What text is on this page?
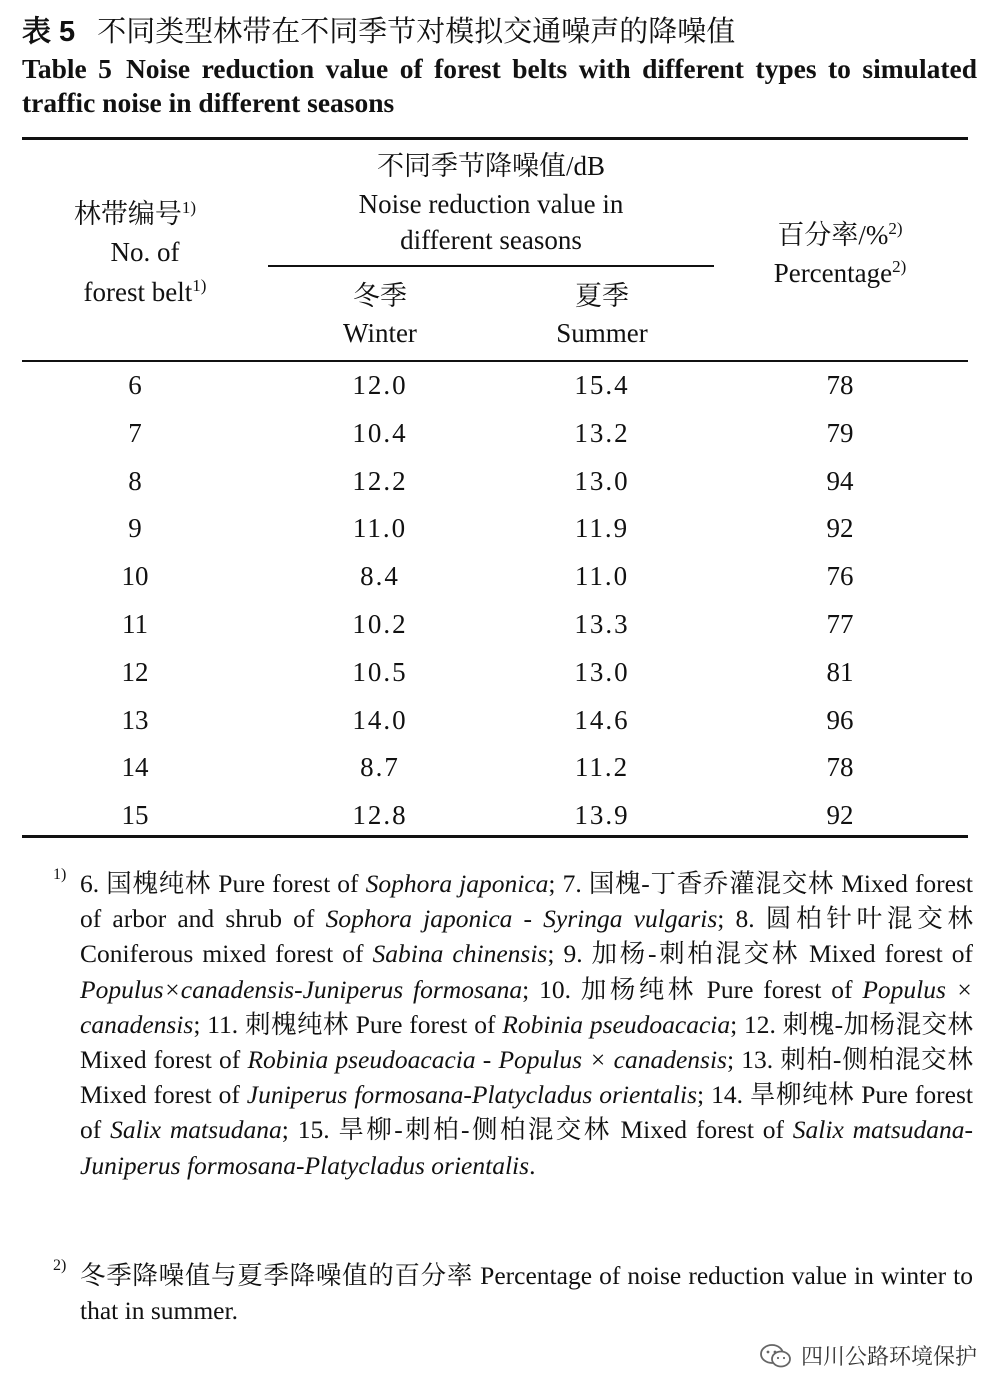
表 5 不同类型林带在不同季节对模拟交通噪声的降噪值
Table 5 Noise reduction value of forest belts with different types to simulated traffic noise in different seasons
林带编号$^{1)}$
No. of
forest belt$^{1)}$
不同季节降噪值/dB
Noise reduction value in
different seasons
冬季
Winter
夏季
Summer
百分率/%$^{2)}$
Percentage$^{2)}$
6	12.0	15.4	78
7	10.4	13.2	79
8	12.2	13.0	94
9	11.0	11.9	92
10	8.4	11.0	76
11	10.2	13.3	77
12	10.5	13.0	81
13	14.0	14.6	96
14	8.7	11.2	78
15	12.8	13.9	92
1) 6. 国槐纯林 Pure forest of Sophora japonica; 7. 国槐-丁香乔灌混交林 Mixed forest of arbor and shrub of Sophora japonica - Syringa vulgaris; 8. 圆柏针叶混交林 Coniferous mixed forest of Sabina chinensis; 9. 加杨-刺柏混交林 Mixed forest of Populus×canadensis-Juniperus formosana; 10. 加杨纯林 Pure forest of Populus × canadensis; 11. 刺槐纯林 Pure forest of Robinia pseudoacacia; 12. 刺槐-加杨混交林 Mixed forest of Robinia pseudoacacia - Populus × canadensis; 13. 刺柏-侧柏混交林 Mixed forest of Juniperus formosana-Platycladus orientalis; 14. 旱柳纯林 Pure forest of Salix matsudana; 15. 旱柳-刺柏-侧柏混交林 Mixed forest of Salix matsudana-Juniperus formosana-Platycladus orientalis.
2) 冬季降噪值与夏季降噪值的百分率 Percentage of noise reduction value in winter to that in summer.
四川公路环境保护
